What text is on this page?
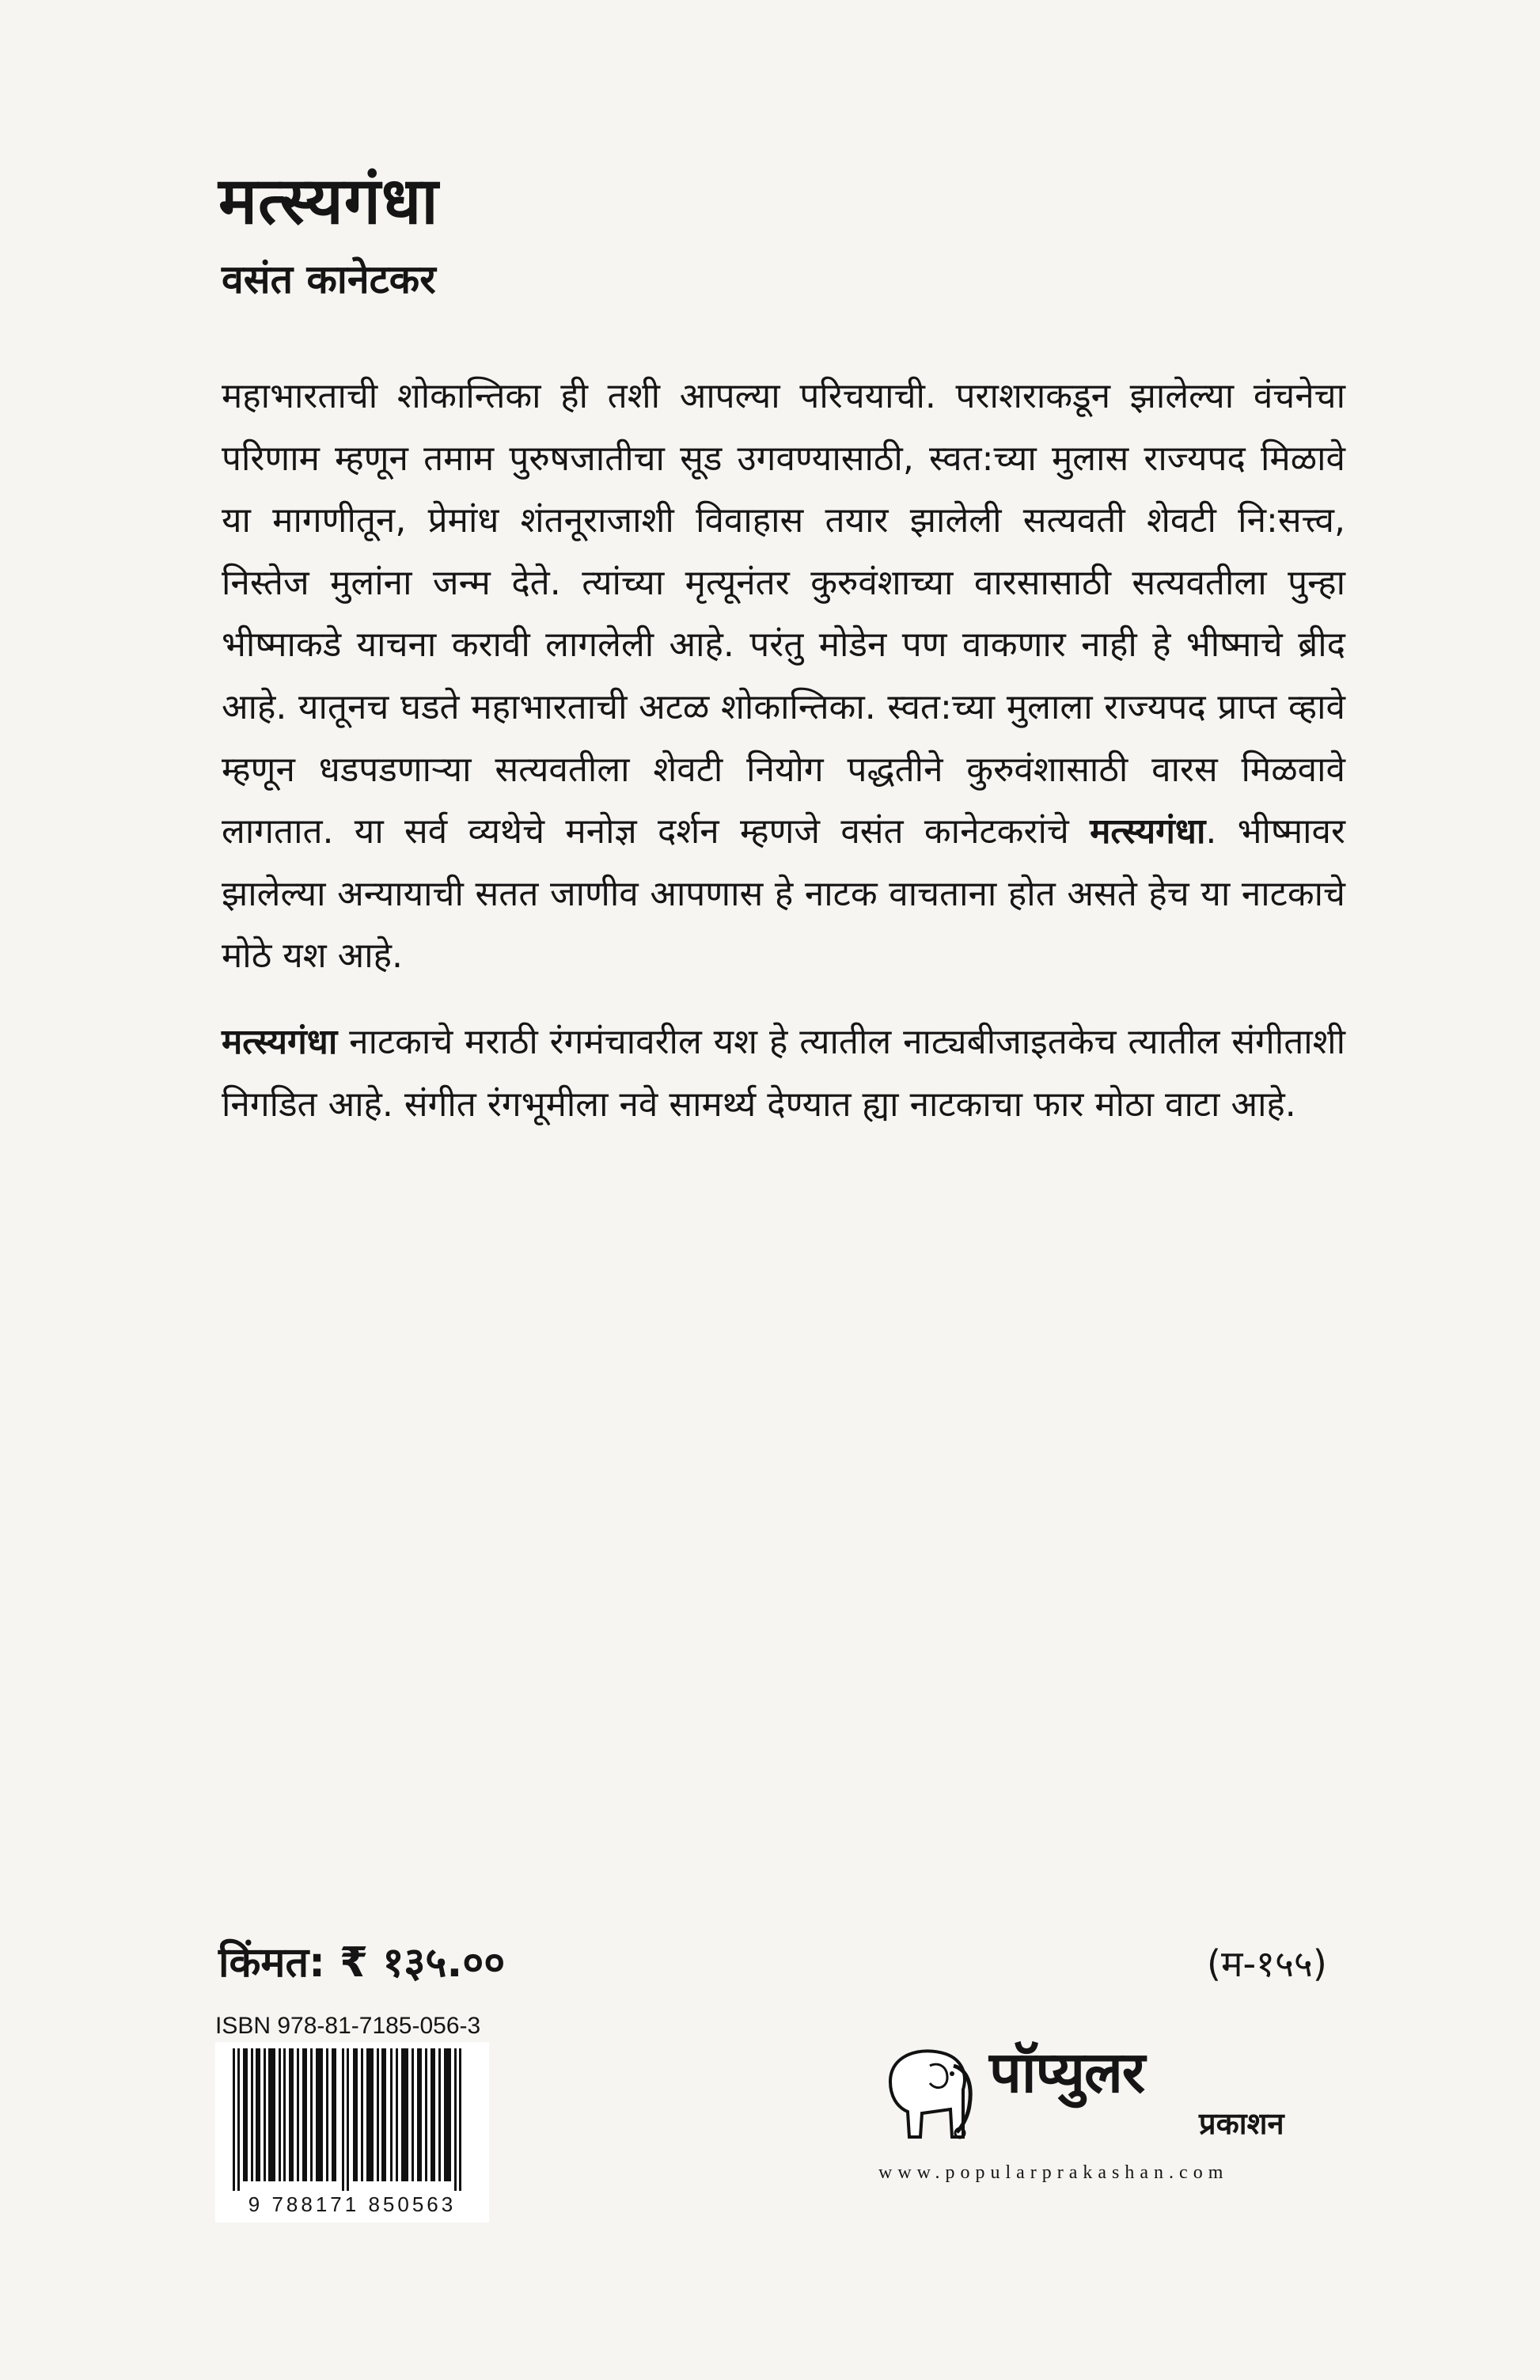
मत्स्यगंधा
वसंत कानेटकर

महाभारताची शोकान्तिका ही तशी आपल्या परिचयाची. पराशराकडून झालेल्या वंचनेचा परिणाम म्हणून तमाम पुरुषजातीचा सूड उगवण्यासाठी, स्वत:च्या मुलास राज्यपद मिळावे या मागणीतून, प्रेमांध शंतनूराजाशी विवाहास तयार झालेली सत्यवती शेवटी नि:सत्त्व, निस्तेज मुलांना जन्म देते. त्यांच्या मृत्यूनंतर कुरुवंशाच्या वारसासाठी सत्यवतीला पुन्हा भीष्माकडे याचना करावी लागलेली आहे. परंतु मोडेन पण वाकणार नाही हे भीष्माचे ब्रीद आहे. यातूनच घडते महाभारताची अटळ शोकान्तिका. स्वत:च्या मुलाला राज्यपद प्राप्त व्हावे म्हणून धडपडणाऱ्या सत्यवतीला शेवटी नियोग पद्धतीने कुरुवंशासाठी वारस मिळवावे लागतात. या सर्व व्यथेचे मनोज्ञ दर्शन म्हणजे वसंत कानेटकरांचे मत्स्यगंधा. भीष्मावर झालेल्या अन्यायाची सतत जाणीव आपणास हे नाटक वाचताना होत असते हेच या नाटकाचे मोठे यश आहे.

मत्स्यगंधा नाटकाचे मराठी रंगमंचावरील यश हे त्यातील नाट्यबीजाइतकेच त्यातील संगीताशी निगडित आहे. संगीत रंगभूमीला नवे सामर्थ्य देण्यात ह्या नाटकाचा फार मोठा वाटा आहे.

किंमत: ₹ १३५.००	(म-१५५)
ISBN 978-81-7185-056-3
9 788171 850563
पॉप्युलर
प्रकाशन
www.popularprakashan.com
